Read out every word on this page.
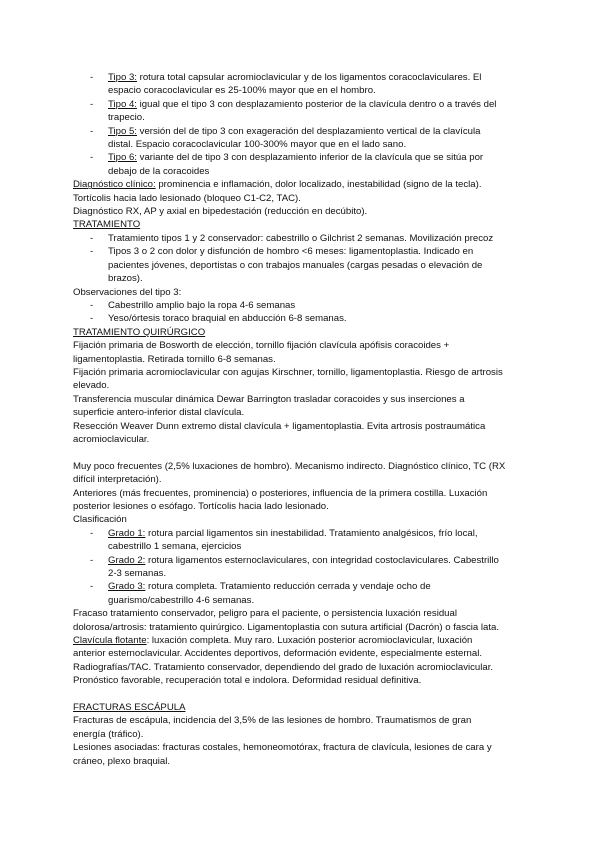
- Tipo 3: rotura total capsular acromioclavicular y de los ligamentos coracoclaviculares. El
espacio coracoclavicular es 25-100% mayor que en el hombro.
- Tipo 4: igual que el tipo 3 con desplazamiento posterior de la clavícula dentro o a través del
trapecio.
- Tipo 5: versión del de tipo 3 con exageración del desplazamiento vertical de la clavícula
distal. Espacio coracoclavicular 100-300% mayor que en el lado sano.
- Tipo 6: variante del de tipo 3 con desplazamiento inferior de la clavícula que se sitúa por
debajo de la coracoides
Diagnóstico clínico: prominencia e inflamación, dolor localizado, inestabilidad (signo de la tecla).
Tortícolis hacia lado lesionado (bloqueo C1-C2, TAC).
Diagnóstico RX, AP y axial en bipedestación (reducción en decúbito).
TRATAMIENTO
- Tratamiento tipos 1 y 2 conservador: cabestrillo o Gilchrist 2 semanas. Movilización precoz
- Tipos 3 o 2 con dolor y disfunción de hombro <6 meses: ligamentoplastia. Indicado en
pacientes jóvenes, deportistas o con trabajos manuales (cargas pesadas o elevación de
brazos).
Observaciones del tipo 3:
- Cabestrillo amplio bajo la ropa 4-6 semanas
- Yeso/órtesis toraco braquial en abducción 6-8 semanas.
TRATAMIENTO QUIRÚRGICO
Fijación primaria de Bosworth de elección, tornillo fijación clavícula apófisis coracoides +
ligamentoplastia. Retirada tornillo 6-8 semanas.
Fijación primaria acromioclavicular con agujas Kirschner, tornillo, ligamentoplastia. Riesgo de artrosis
elevado.
Transferencia muscular dinámica Dewar Barrington trasladar coracoides y sus inserciones a
superficie antero-inferior distal clavícula.
Resección Weaver Dunn extremo distal clavícula + ligamentoplastia. Evita artrosis postraumática
acromioclavicular.
Muy poco frecuentes (2,5% luxaciones de hombro). Mecanismo indirecto. Diagnóstico clínico, TC (RX
difícil interpretación).
Anteriores (más frecuentes, prominencia) o posteriores, influencia de la primera costilla. Luxación
posterior lesiones o esófago. Tortícolis hacia lado lesionado.
Clasificación
- Grado 1: rotura parcial ligamentos sin inestabilidad. Tratamiento analgésicos, frío local,
cabestrillo 1 semana, ejercicios
- Grado 2: rotura ligamentos esternoclaviculares, con integridad costoclaviculares. Cabestrillo
2-3 semanas.
- Grado 3: rotura completa. Tratamiento reducción cerrada y vendaje ocho de
guarismo/cabestrillo 4-6 semanas.
Fracaso tratamiento conservador, peligro para el paciente, o persistencia luxación residual
dolorosa/artrosis: tratamiento quirúrgico. Ligamentoplastia con sutura artificial (Dacrón) o fascia lata.
Clavícula flotante: luxación completa. Muy raro. Luxación posterior acromioclavicular, luxación
anterior esternoclavicular. Accidentes deportivos, deformación evidente, especialmente esternal.
Radiografías/TAC. Tratamiento conservador, dependiendo del grado de luxación acromioclavicular.
Pronóstico favorable, recuperación total e indolora. Deformidad residual definitiva.
FRACTURAS ESCÁPULA
Fracturas de escápula, incidencia del 3,5% de las lesiones de hombro. Traumatismos de gran
energía (tráfico).
Lesiones asociadas: fracturas costales, hemoneomotórax, fractura de clavícula, lesiones de cara y
cráneo, plexo braquial.
